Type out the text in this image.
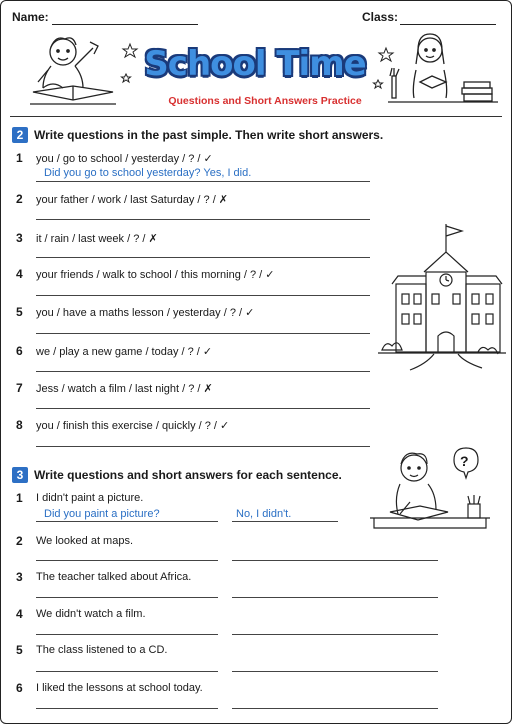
Name:	Class:
School Time
Questions and Short Answers Practice
2 Write questions in the past simple. Then write short answers.
1 you / go to school / yesterday / ? / ✓
Did you go to school yesterday? Yes, I did.
2 your father / work / last Saturday / ? / ✗
3 it / rain / last week / ? / ✗
4 your friends / walk to school / this morning / ? / ✓
5 you / have a maths lesson / yesterday / ? / ✓
6 we / play a new game / today / ? / ✓
7 Jess / watch a film / last night / ? / ✗
8 you / finish this exercise / quickly / ? / ✓
3 Write questions and short answers for each sentence.
?
1 I didn't paint a picture.
Did you paint a picture?	No, I didn't.
2 We looked at maps.
3 The teacher talked about Africa.
4 We didn't watch a film.
5 The class listened to a CD.
6 I liked the lessons at school today.
